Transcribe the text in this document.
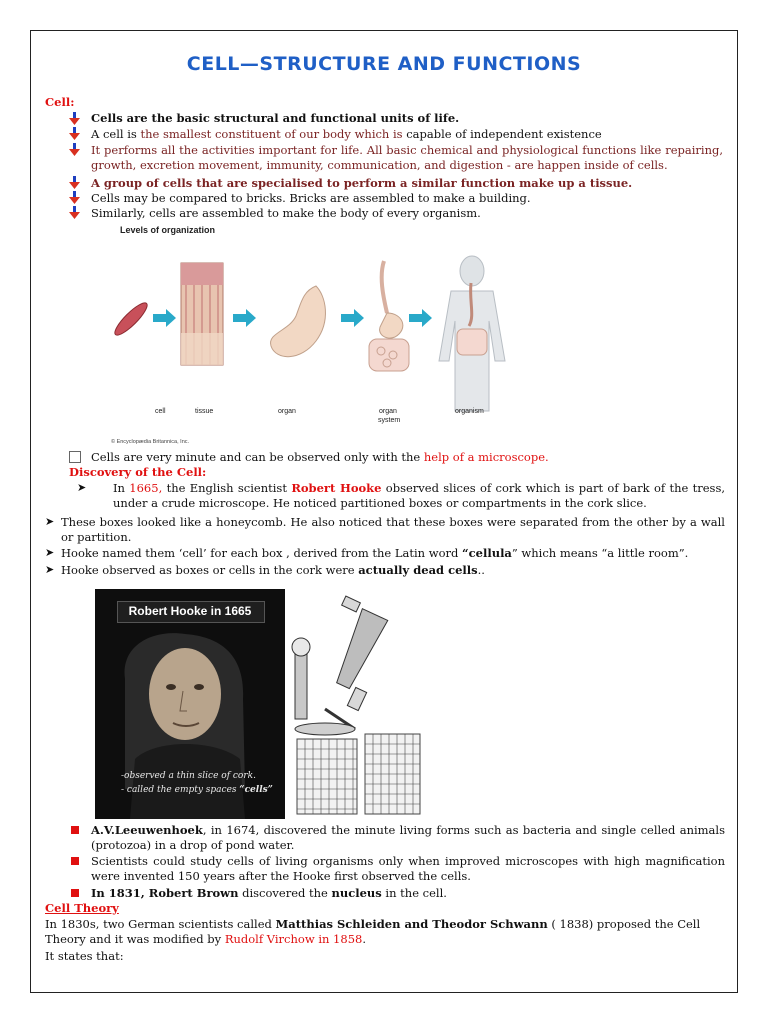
CELL—STRUCTURE AND FUNCTIONS
Cell:
Cells are the basic structural and functional units of life.
A cell is the smallest constituent of our body which is capable of independent existence
It performs all the activities important for life. All basic chemical and physiological functions like repairing, growth, excretion movement, immunity, communication, and digestion - are happen inside of cells.
A group of cells that are specialised to perform a similar function make up a tissue.
Cells may be compared to bricks. Bricks are assembled to make a building.
Similarly, cells are assembled to make the body of every organism.
Levels of organization
cell	tissue	organ	organ
system
organism
© Encyclopædia Britannica, Inc.
Cells are very minute and can be observed only with the help of a microscope.
Discovery of the Cell:
➤ In 1665, the English scientist Robert Hooke observed slices of cork which is part of bark of the tress, under a crude microscope. He noticed partitioned boxes or compartments in the cork slice.
➤ These boxes looked like a honeycomb. He also noticed that these boxes were separated from the other by a wall or partition.
➤ Hooke named them ‘cell’ for each box , derived from the Latin word “cellula” which means “a little room”.
➤ Hooke observed as boxes or cells in the cork were actually dead cells..
Robert Hooke in 1665
-observed a thin slice of cork.
- called the empty spaces “cells”
A.V.Leeuwenhoek, in 1674, discovered the minute living forms such as bacteria and single celled animals (protozoa) in a drop of pond water.
Scientists could study cells of living organisms only when improved microscopes with high magnification were invented 150 years after the Hooke first observed the cells.
In 1831, Robert Brown discovered the nucleus in the cell.
Cell Theory
In 1830s, two German scientists called Matthias Schleiden and Theodor Schwann ( 1838) proposed the Cell Theory and it was modified by Rudolf Virchow in 1858.
It states that:
